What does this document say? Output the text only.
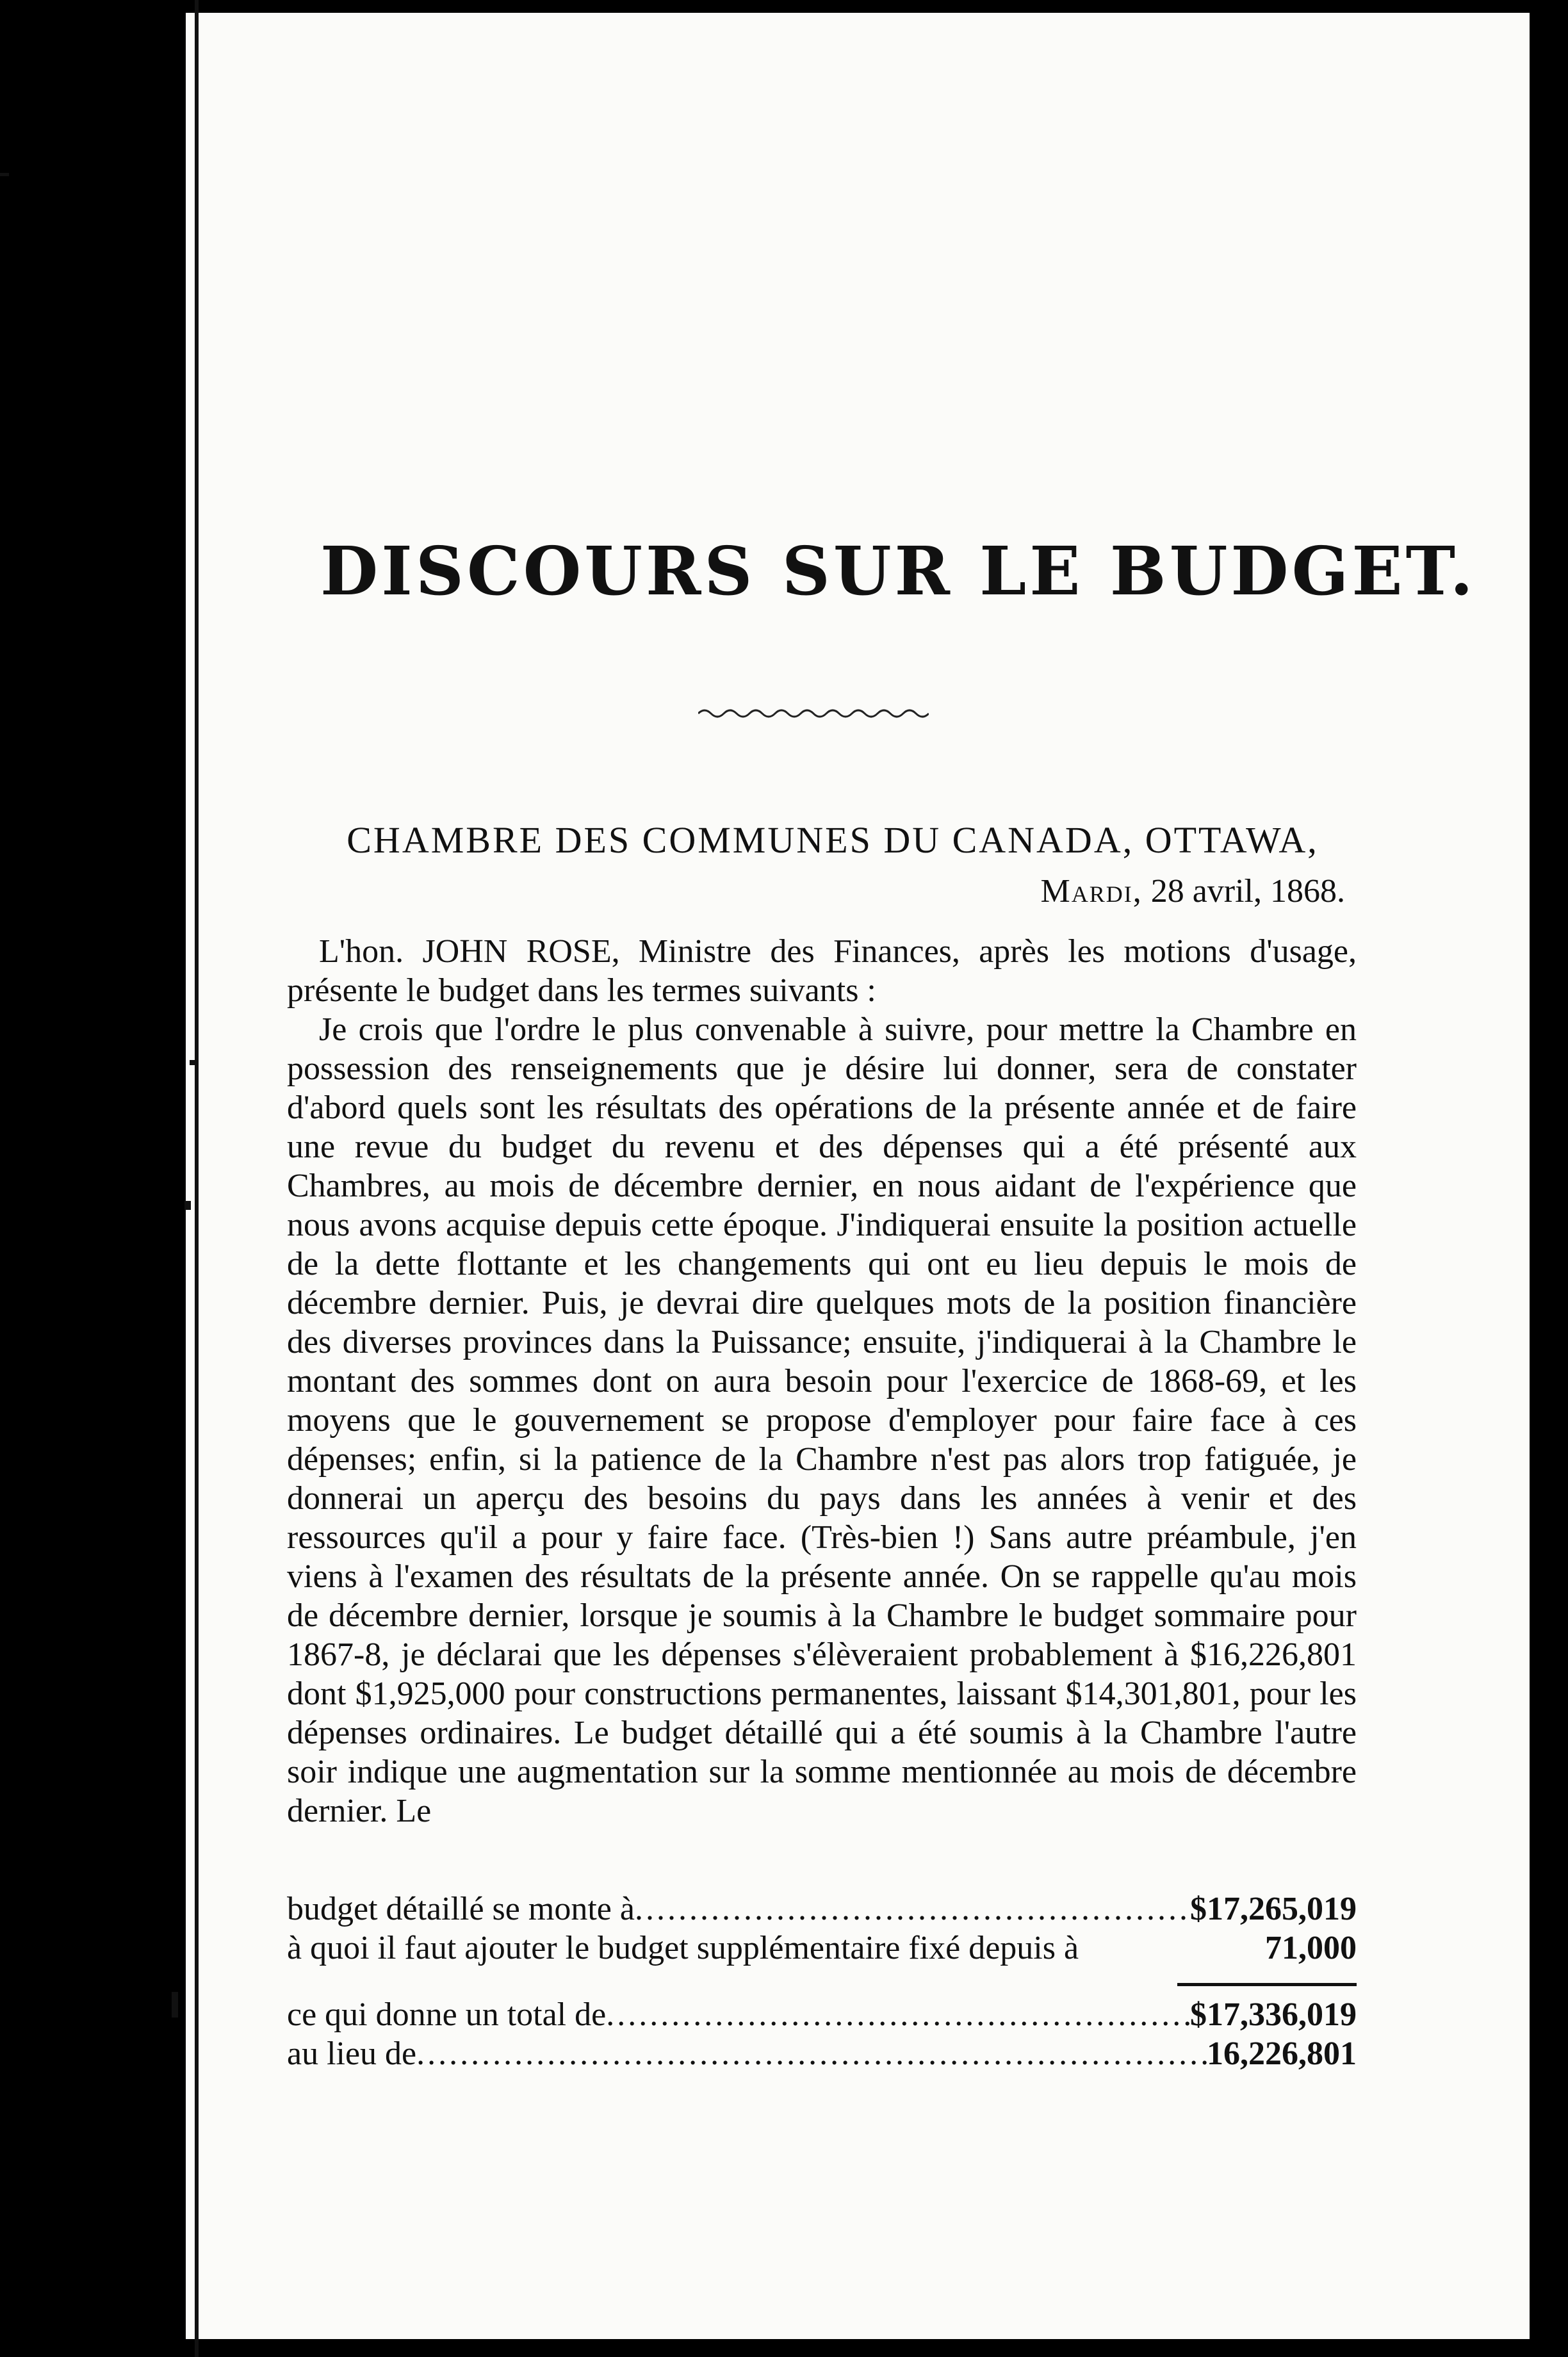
DISCOURS SUR LE BUDGET.
CHAMBRE DES COMMUNES DU CANADA, OTTAWA,
Mardi, 28 avril, 1868.

L'hon. JOHN ROSE, Ministre des Finances, après les motions d'usage, présente le budget dans les termes suivants :

Je crois que l'ordre le plus convenable à suivre, pour mettre la Chambre en possession des renseignements que je désire lui donner, sera de constater d'abord quels sont les résultats des opérations de la présente année et de faire une revue du budget du revenu et des dépenses qui a été présenté aux Chambres, au mois de décembre dernier, en nous aidant de l'expérience que nous avons acquise depuis cette époque. J'indiquerai ensuite la position actuelle de la dette flottante et les changements qui ont eu lieu depuis le mois de décembre dernier. Puis, je devrai dire quelques mots de la position financière des diverses provinces dans la Puissance; ensuite, j'indiquerai à la Chambre le montant des sommes dont on aura besoin pour l'exercice de 1868-69, et les moyens que le gouvernement se propose d'employer pour faire face à ces dépenses; enfin, si la patience de la Chambre n'est pas alors trop fatiguée, je donnerai un aperçu des besoins du pays dans les années à venir et des ressources qu'il a pour y faire face. (Très-bien !) Sans autre préambule, j'en viens à l'examen des résultats de la présente année. On se rappelle qu'au mois de décembre dernier, lorsque je soumis à la Chambre le budget sommaire pour 1867-8, je déclarai que les dépenses s'élèveraient probablement à $16,226,801 dont $1,925,000 pour constructions permanentes, laissant $14,301,801, pour les dépenses ordinaires. Le budget détaillé qui a été soumis à la Chambre l'autre soir indique une augmentation sur la somme mentionnée au mois de décembre dernier. Le

budget détaillé se monte à .....	$17,265,019
à quoi il faut ajouter le budget supplémentaire fixé depuis à	71,000
ce qui donne un total de .....	$17,336,019
au lieu de .....	16,226,801
